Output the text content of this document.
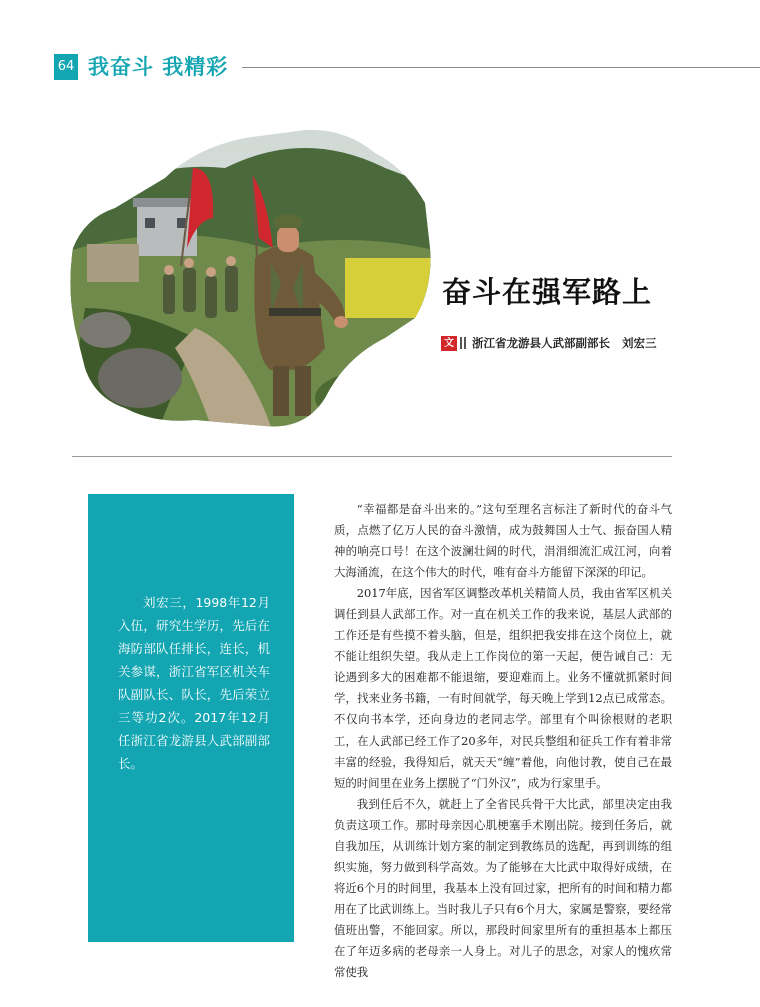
64 我奋斗 我精彩
奋斗在强军路上
文 浙江省龙游县人武部副部长 刘宏三
刘宏三，1998年12月入伍，研究生学历，先后在海防部队任排长，连长，机关参谋，浙江省军区机关车队副队长、队长，先后荣立三等功2次。2017年12月任浙江省龙游县人武部副部长。

“幸福都是奋斗出来的。”这句至理名言标注了新时代的奋斗气质，点燃了亿万人民的奋斗激情，成为鼓舞国人士气、振奋国人精神的响亮口号！在这个波澜壮阔的时代，涓涓细流汇成江河，向着大海涌流，在这个伟大的时代，唯有奋斗方能留下深深的印记。

2017年底，因省军区调整改革机关精简人员，我由省军区机关调任到县人武部工作。对一直在机关工作的我来说，基层人武部的工作还是有些摸不着头脑，但是，组织把我安排在这个岗位上，就不能让组织失望。我从走上工作岗位的第一天起，便告诫自己：无论遇到多大的困难都不能退缩，要迎难而上。业务不懂就抓紧时间学，找来业务书籍，一有时间就学，每天晚上学到12点已成常态。不仅向书本学，还向身边的老同志学。部里有个叫徐根财的老职工，在人武部已经工作了20多年，对民兵整组和征兵工作有着非常丰富的经验，我得知后，就天天“缠”着他，向他讨教，使自己在最短的时间里在业务上摆脱了“门外汉”，成为行家里手。

我到任后不久，就赶上了全省民兵骨干大比武，部里决定由我负责这项工作。那时母亲因心肌梗塞手术刚出院。接到任务后，就自我加压，从训练计划方案的制定到教练员的选配，再到训练的组织实施，努力做到科学高效。为了能够在大比武中取得好成绩，在将近6个月的时间里，我基本上没有回过家，把所有的时间和精力都用在了比武训练上。当时我儿子只有6个月大，家属是警察，要经常值班出警，不能回家。所以，那段时间家里所有的重担基本上都压在了年迈多病的老母亲一人身上。对儿子的思念，对家人的愧疚常常使我
